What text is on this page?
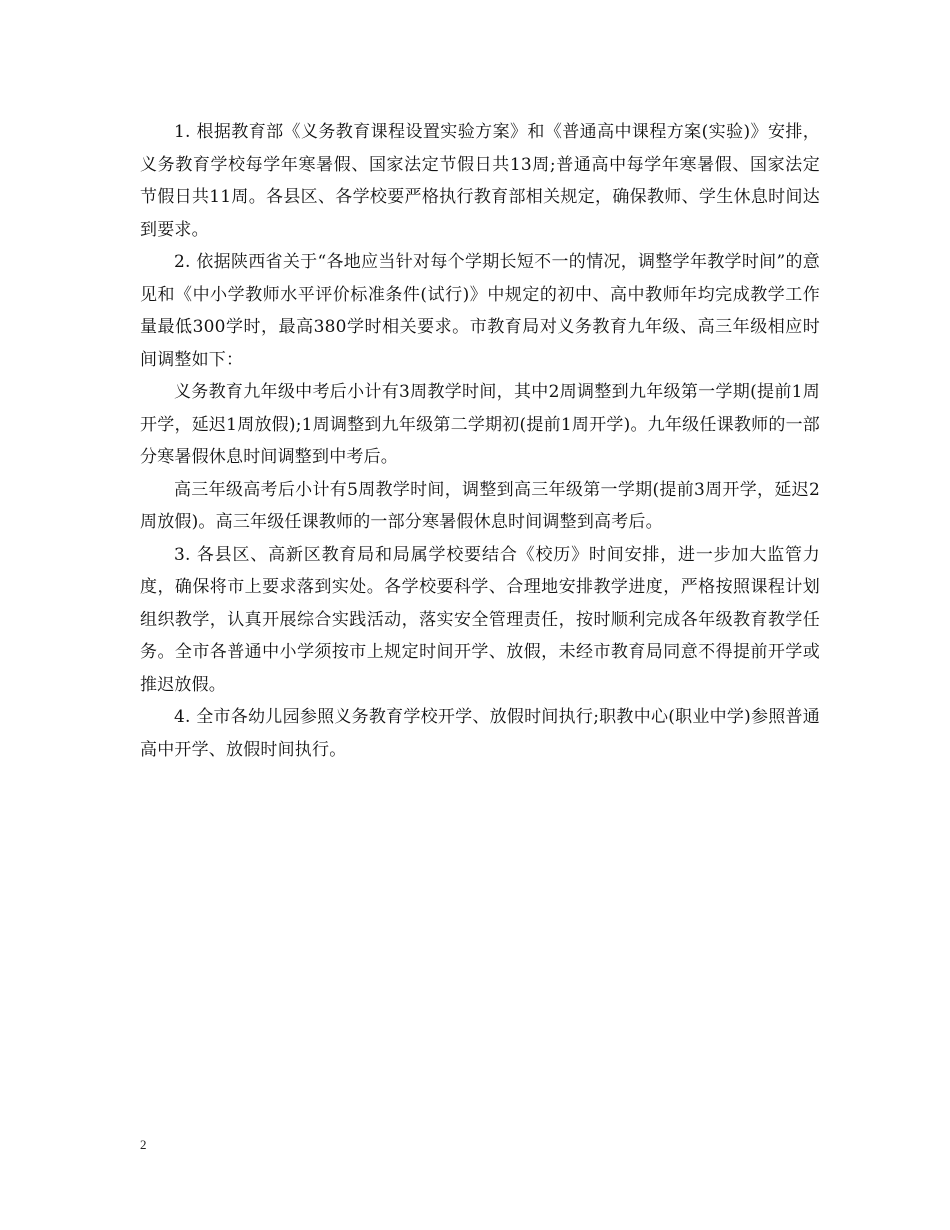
1. 根据教育部《义务教育课程设置实验方案》和《普通高中课程方案(实验)》安排，义务教育学校每学年寒暑假、国家法定节假日共13周;普通高中每学年寒暑假、国家法定节假日共11周。各县区、各学校要严格执行教育部相关规定，确保教师、学生休息时间达到要求。

2. 依据陕西省关于“各地应当针对每个学期长短不一的情况，调整学年教学时间”的意见和《中小学教师水平评价标准条件(试行)》中规定的初中、高中教师年均完成教学工作量最低300学时，最高380学时相关要求。市教育局对义务教育九年级、高三年级相应时间调整如下：

义务教育九年级中考后小计有3周教学时间，其中2周调整到九年级第一学期(提前1周开学，延迟1周放假);1周调整到九年级第二学期初(提前1周开学)。九年级任课教师的一部分寒暑假休息时间调整到中考后。

高三年级高考后小计有5周教学时间，调整到高三年级第一学期(提前3周开学，延迟2周放假)。高三年级任课教师的一部分寒暑假休息时间调整到高考后。

3. 各县区、高新区教育局和局属学校要结合《校历》时间安排，进一步加大监管力度，确保将市上要求落到实处。各学校要科学、合理地安排教学进度，严格按照课程计划组织教学，认真开展综合实践活动，落实安全管理责任，按时顺利完成各年级教育教学任务。全市各普通中小学须按市上规定时间开学、放假，未经市教育局同意不得提前开学或推迟放假。

4. 全市各幼儿园参照义务教育学校开学、放假时间执行;职教中心(职业中学)参照普通高中开学、放假时间执行。

2
